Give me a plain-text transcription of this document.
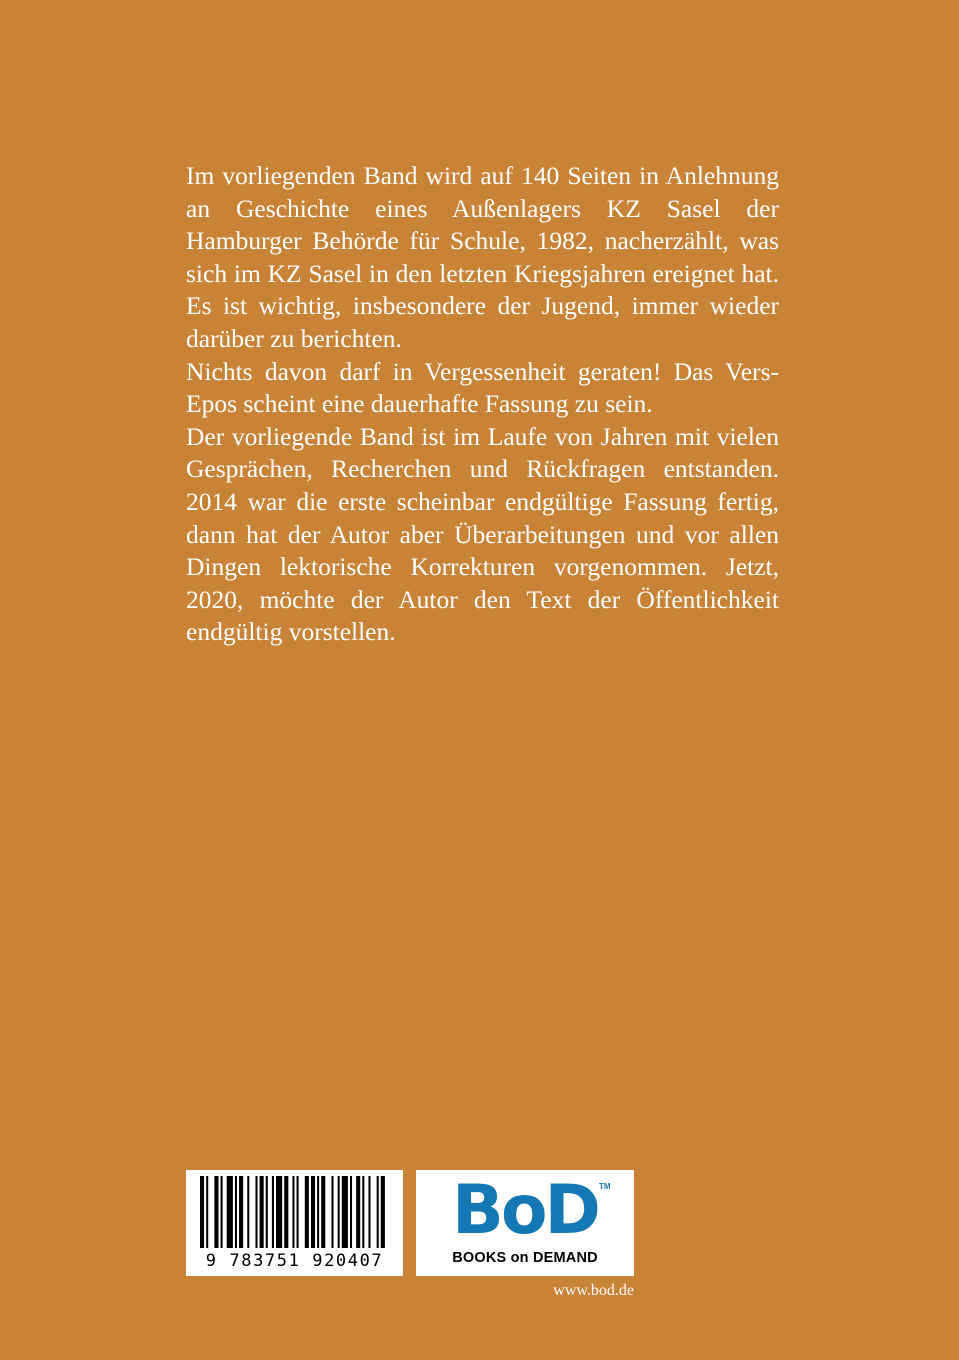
Im vorliegenden Band wird auf 140 Seiten in Anlehnung an Geschichte eines Außenlagers KZ Sasel der Hamburger Behörde für Schule, 1982, nacherzählt, was sich im KZ Sasel in den letzten Kriegsjahren ereignet hat. Es ist wichtig, insbesondere der Jugend, immer wieder darüber zu berichten.

Nichts davon darf in Vergessenheit geraten! Das Vers-Epos scheint eine dauerhafte Fassung zu sein.

Der vorliegende Band ist im Laufe von Jahren mit vielen Gesprächen, Recherchen und Rückfragen entstanden. 2014 war die erste scheinbar endgültige Fassung fertig, dann hat der Autor aber Überarbeitungen und vor allen Dingen lektorische Korrekturen vorgenommen. Jetzt, 2020, möchte der Autor den Text der Öffentlichkeit endgültig vorstellen.

9 783751 920407
BoD TM
BOOKS on DEMAND
www.bod.de
